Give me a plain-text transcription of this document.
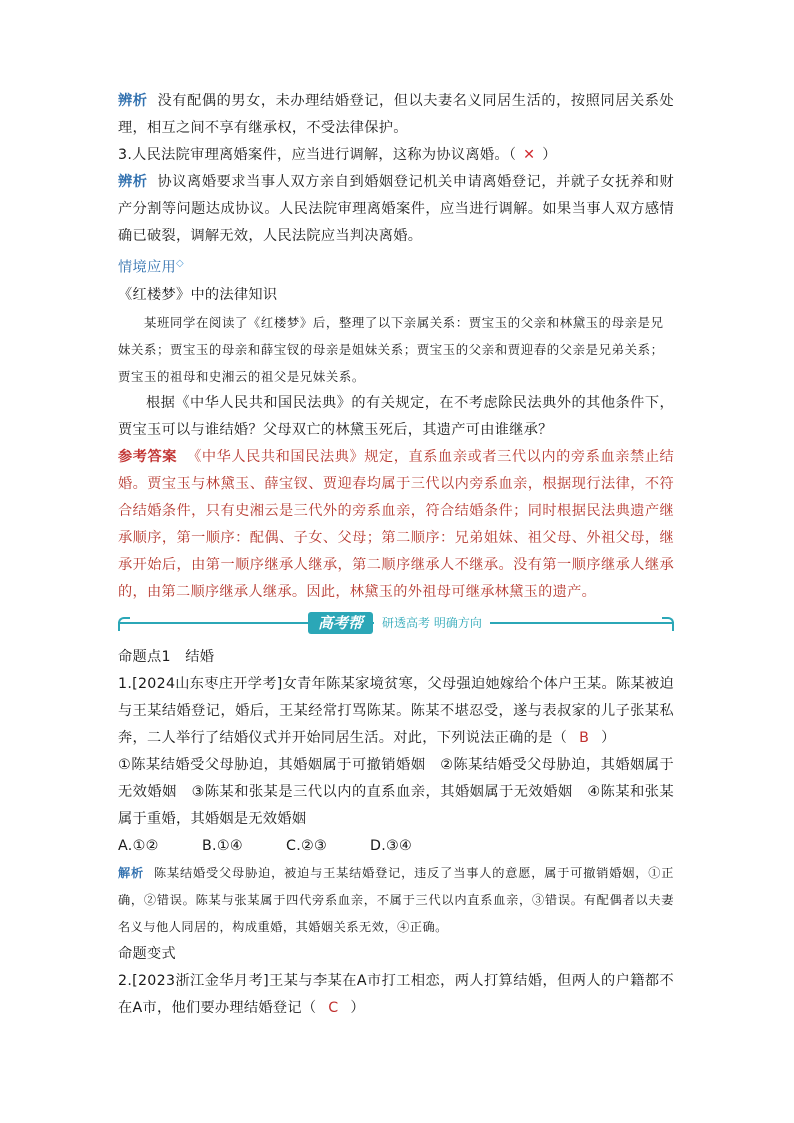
辨析 没有配偶的男女，未办理结婚登记，但以夫妻名义同居生活的，按照同居关系处理，相互之间不享有继承权，不受法律保护。

3.人民法院审理离婚案件，应当进行调解，这称为协议离婚。（ ✕ ）

辨析 协议离婚要求当事人双方亲自到婚姻登记机关申请离婚登记，并就子女抚养和财产分割等问题达成协议。人民法院审理离婚案件，应当进行调解。如果当事人双方感情确已破裂，调解无效，人民法院应当判决离婚。

情境应用◇

《红楼梦》中的法律知识

某班同学在阅读了《红楼梦》后，整理了以下亲属关系：贾宝玉的父亲和林黛玉的母亲是兄妹关系；贾宝玉的母亲和薛宝钗的母亲是姐妹关系；贾宝玉的父亲和贾迎春的父亲是兄弟关系；贾宝玉的祖母和史湘云的祖父是兄妹关系。

根据《中华人民共和国民法典》的有关规定，在不考虑除民法典外的其他条件下，贾宝玉可以与谁结婚？父母双亡的林黛玉死后，其遗产可由谁继承？

参考答案 《中华人民共和国民法典》规定，直系血亲或者三代以内的旁系血亲禁止结婚。贾宝玉与林黛玉、薛宝钗、贾迎春均属于三代以内旁系血亲，根据现行法律，不符合结婚条件，只有史湘云是三代外的旁系血亲，符合结婚条件；同时根据民法典遗产继承顺序，第一顺序：配偶、子女、父母；第二顺序：兄弟姐妹、祖父母、外祖父母，继承开始后，由第一顺序继承人继承，第二顺序继承人不继承。没有第一顺序继承人继承的，由第二顺序继承人继承。因此，林黛玉的外祖母可继承林黛玉的遗产。

高考帮	研透高考 明确方向

命题点1　结婚

1.[2024山东枣庄开学考]女青年陈某家境贫寒，父母强迫她嫁给个体户王某。陈某被迫与王某结婚登记，婚后，王某经常打骂陈某。陈某不堪忍受，遂与表叔家的儿子张某私奔，二人举行了结婚仪式并开始同居生活。对此，下列说法正确的是（ B ）

①陈某结婚受父母胁迫，其婚姻属于可撤销婚姻　②陈某结婚受父母胁迫，其婚姻属于无效婚姻　③陈某和张某是三代以内的直系血亲，其婚姻属于无效婚姻　④陈某和张某属于重婚，其婚姻是无效婚姻

A.①②	B.①④	C.②③	D.③④

解析 陈某结婚受父母胁迫，被迫与王某结婚登记，违反了当事人的意愿，属于可撤销婚姻，①正确，②错误。陈某与张某属于四代旁系血亲，不属于三代以内直系血亲，③错误。有配偶者以夫妻名义与他人同居的，构成重婚，其婚姻关系无效，④正确。

命题变式

2.[2023浙江金华月考]王某与李某在A市打工相恋，两人打算结婚，但两人的户籍都不在A市，他们要办理结婚登记（ C ）
